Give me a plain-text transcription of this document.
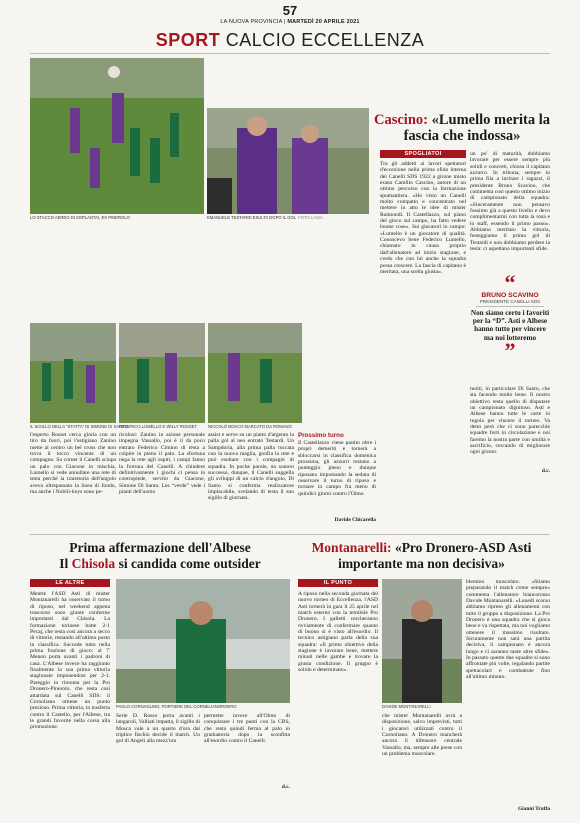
57
LA NUOVA PROVINCIA | MARTEDÌ 20 APRILE 2021
SPORT CALCIO ECCELLENZA
LO STACCO AEREO DI SOPLANTAI, EX PINEROLO	EMANUELE TESTARDI ESULTA DOPO IL GOL FOTO LASIA
Cascino: «Lumello merita la fascia che indossa»
SPOGLIATOI
Tra gli addetti ai lavori spettatori d'eccezione nella prima sfida interna del Canelli SDS 1922 a girone misto erano Camillo Cascino, autore di un ottimo percorso con la formazione spumantiera. «Ho visto un Canelli molto compatto e concentrato nel mettere in atto le idee di mister Raimondi. Il Castellazzo, sul piano del gioco sul campo, ha fatto vedere buone cose». Sui giocatori in campo: «Lumello è un giocatore di qualità. Conoscevo bene Federico Lumello, chiamato in causa proprio dall'allenatore ad inizio stagione, e credo che con lui anche la squadra possa crescere. La fascia di capitano è meritata, una scelta giusta».
un po' di maturità, dobbiamo lavorare per essere sempre più solidi e concreti, chiosa il capitano azzurro. In tribuna, sempre in prima fila a incitare i ragazzi, il presidente Bruno Scavino, che commenta così questo ottimo inizio di campionato della squadra: «Sinceramente non pensavo fossimo già a questo livello e devo complimentarmi con tutta la rosa e lo staff, essendo il primo passo». Abbiamo meritato la vittoria, festeggiamo il primo gol di Testardi e non dobbiamo perdere la testa: ci aspettano importanti sfide.
“
BRUNO SCAVINO
PRESIDENTE CANELLI SDS
Non siamo certo i favoriti per la “D”. Asti e Albese hanno tutto per vincere ma noi lotteremo
”
molti, in particolare Di Santo, che sta facendo molto bene. Il nostro obiettivo resta quello di disputare un campionato dignitoso. Asti e Albese hanno tutte le carte in regola per vincere il torneo. Va detto però che ci sono parecchie squadre forti in circolazione e noi faremo la nostra parte con umiltà e sacrificio, cercando di migliorare ogni giorno.
d.c.
IL SIGILLO DELLA “STATTA” DI SIMONE DI SANTO
FEDERICO LUMELLO E WILLY ROSSET	NICCOLÒ BOSCO MARCATO DA ROMANO
l'esperto Rosset cerca gloria con un tiro da fuori, poi l'ustigiano Zanino mette al centro un bel cross che non trova il tocco vincente di un compagno. Su corner il Canelli sciupa un palo con Giacone in mischia, Lumello si vede annullare una rete di testa perché la traiettoria dell'angolo aveva oltrepassato la linea di fondo, ma anche i Nobili-boys sono pe-
ricolosi: Zanino in azione personale impegna Vassallo, poi è il da poco entrato Federico Cimino di testa a colpire in pieno il palo. La sfortuna nega la rete agli ospiti, i campi fanno la fortuna del Canelli. A chiudere definitivamente i giochi ci pensa in contropiede, servito da Giacone, Simone Di Santo. Les “verde” vede i pianti dell'uomo
assist e serve su un piatto d'argento la palla gol al neo entrato Testardi. Un Sampdoria, alla prima palla toccata con la nuova maglia, gonfia la rete e può esultare con i compagni di squadra. In poche parole, un sonoro successo, dunque, il Canelli suggella gli sviluppi di un calcio d'angolo, Di Santo si conferma realizzatore implacabile, svelando di testa il suo sigillo di giornata.
Prossimo turno
Il Castellazzo viene punito oltre i propri demeriti e tornerà a sbloccarsi in classifica domenica prossima, gli azzurri restano a punteggio pieno e dunque riposano impostando la seduta di osservare il turno di riposo e tornare in campo fra meno di quindici giorni contro l'Olmo.
Davide Chicarella
Prima affermazione dell'Albese
Il Chisola si candida come outsider
LE ALTRE
Mentre l'ASD Asti di mister Montanarelli ha osservato il turno di riposo, nel weekend appena trascorso sono giunte conferme importanti dal Chisola. La formazione torinese batte 2-1 Pecaj, che resta così ancora a secco di vittorie, restando all'ultimo posto in classifica. Succede tutto nella prima frazione di gioco: al 7' Menon porta avanti i padroni di casa. L'Albese invece ha raggiunto finalmente la sua prima vittoria stagionale imponendosi per 2-1. Pareggio in rimonta per la Pro Dronero-Pinerolo, che resta così attardata sul Canelli SDS: il Cornoliano ottiene un punto prezioso. Prima vittoria, in trasferta contro il Castello, per l'Albese, tra le grandi favorite nella corsa alla promozione.
PAOLO CORNAGLINO, PORTIERE DEL CORNELIANOROERO
Serie D. Rosso porta avanti i langaroli, Valliati impatta, il sigillo di Mosca vale a un quarto d'ora dal triplice fischio decide il match. Un gol di Angeli alla mezz'ora
permette invece all'Olmo di conquistare i tre punti con la CBS, che resta quindi ferma al palo in graduatoria dopo la sconfitta all'esordio contro il Canelli.
d.c.
Montanarelli: «Pro Dronero-ASD Asti importante ma non decisiva»
IL PUNTO
A riposo nella seconda giornata del nuovo torneo di Eccellenza, l'ASD Asti tornerà in gara il 25 aprile nel match esterno con la temibile Pro Dronero. I galletti cercheranno ovviamente di confermare quanto di buono si è visto all'esordio. Il tecnico astigiano parla della sua squadra: «Il primo obiettivo della stagione è lavorare bene, mettere minuti nelle gambe e trovare la giusta condizione. Il gruppo è solido e determinato».
DAVIDE MONTANARELLI
che mister Montanarelli avrà a disposizione, salvo imprevisti, tutti i giocatori utilizzati contro il Cornoliano. A Dronero mancherà ancora il difensore centrale Vassallo, ma, sempre alle prese con un problema muscolare.
blemino muscolare. «Stiamo preparando il match come sempre» commenta l'allenatore biancorosso Davide Montanarelli. «Lunedì scorso abbiamo ripreso gli allenamenti con tutto il gruppo a disposizione. La Pro Dronero è una squadra che si gioca bene e va rispettata, ma noi vogliamo ottenere il massimo risultato. Sicuramente non sarà una partita decisiva, il campionato è ancora lungo e ci saranno tante altre sfide». In passato queste due squadre si sono affrontate più volte, regalando partite spettacolari e combattute fino all'ultimo minuto.
Gianni Truffa
